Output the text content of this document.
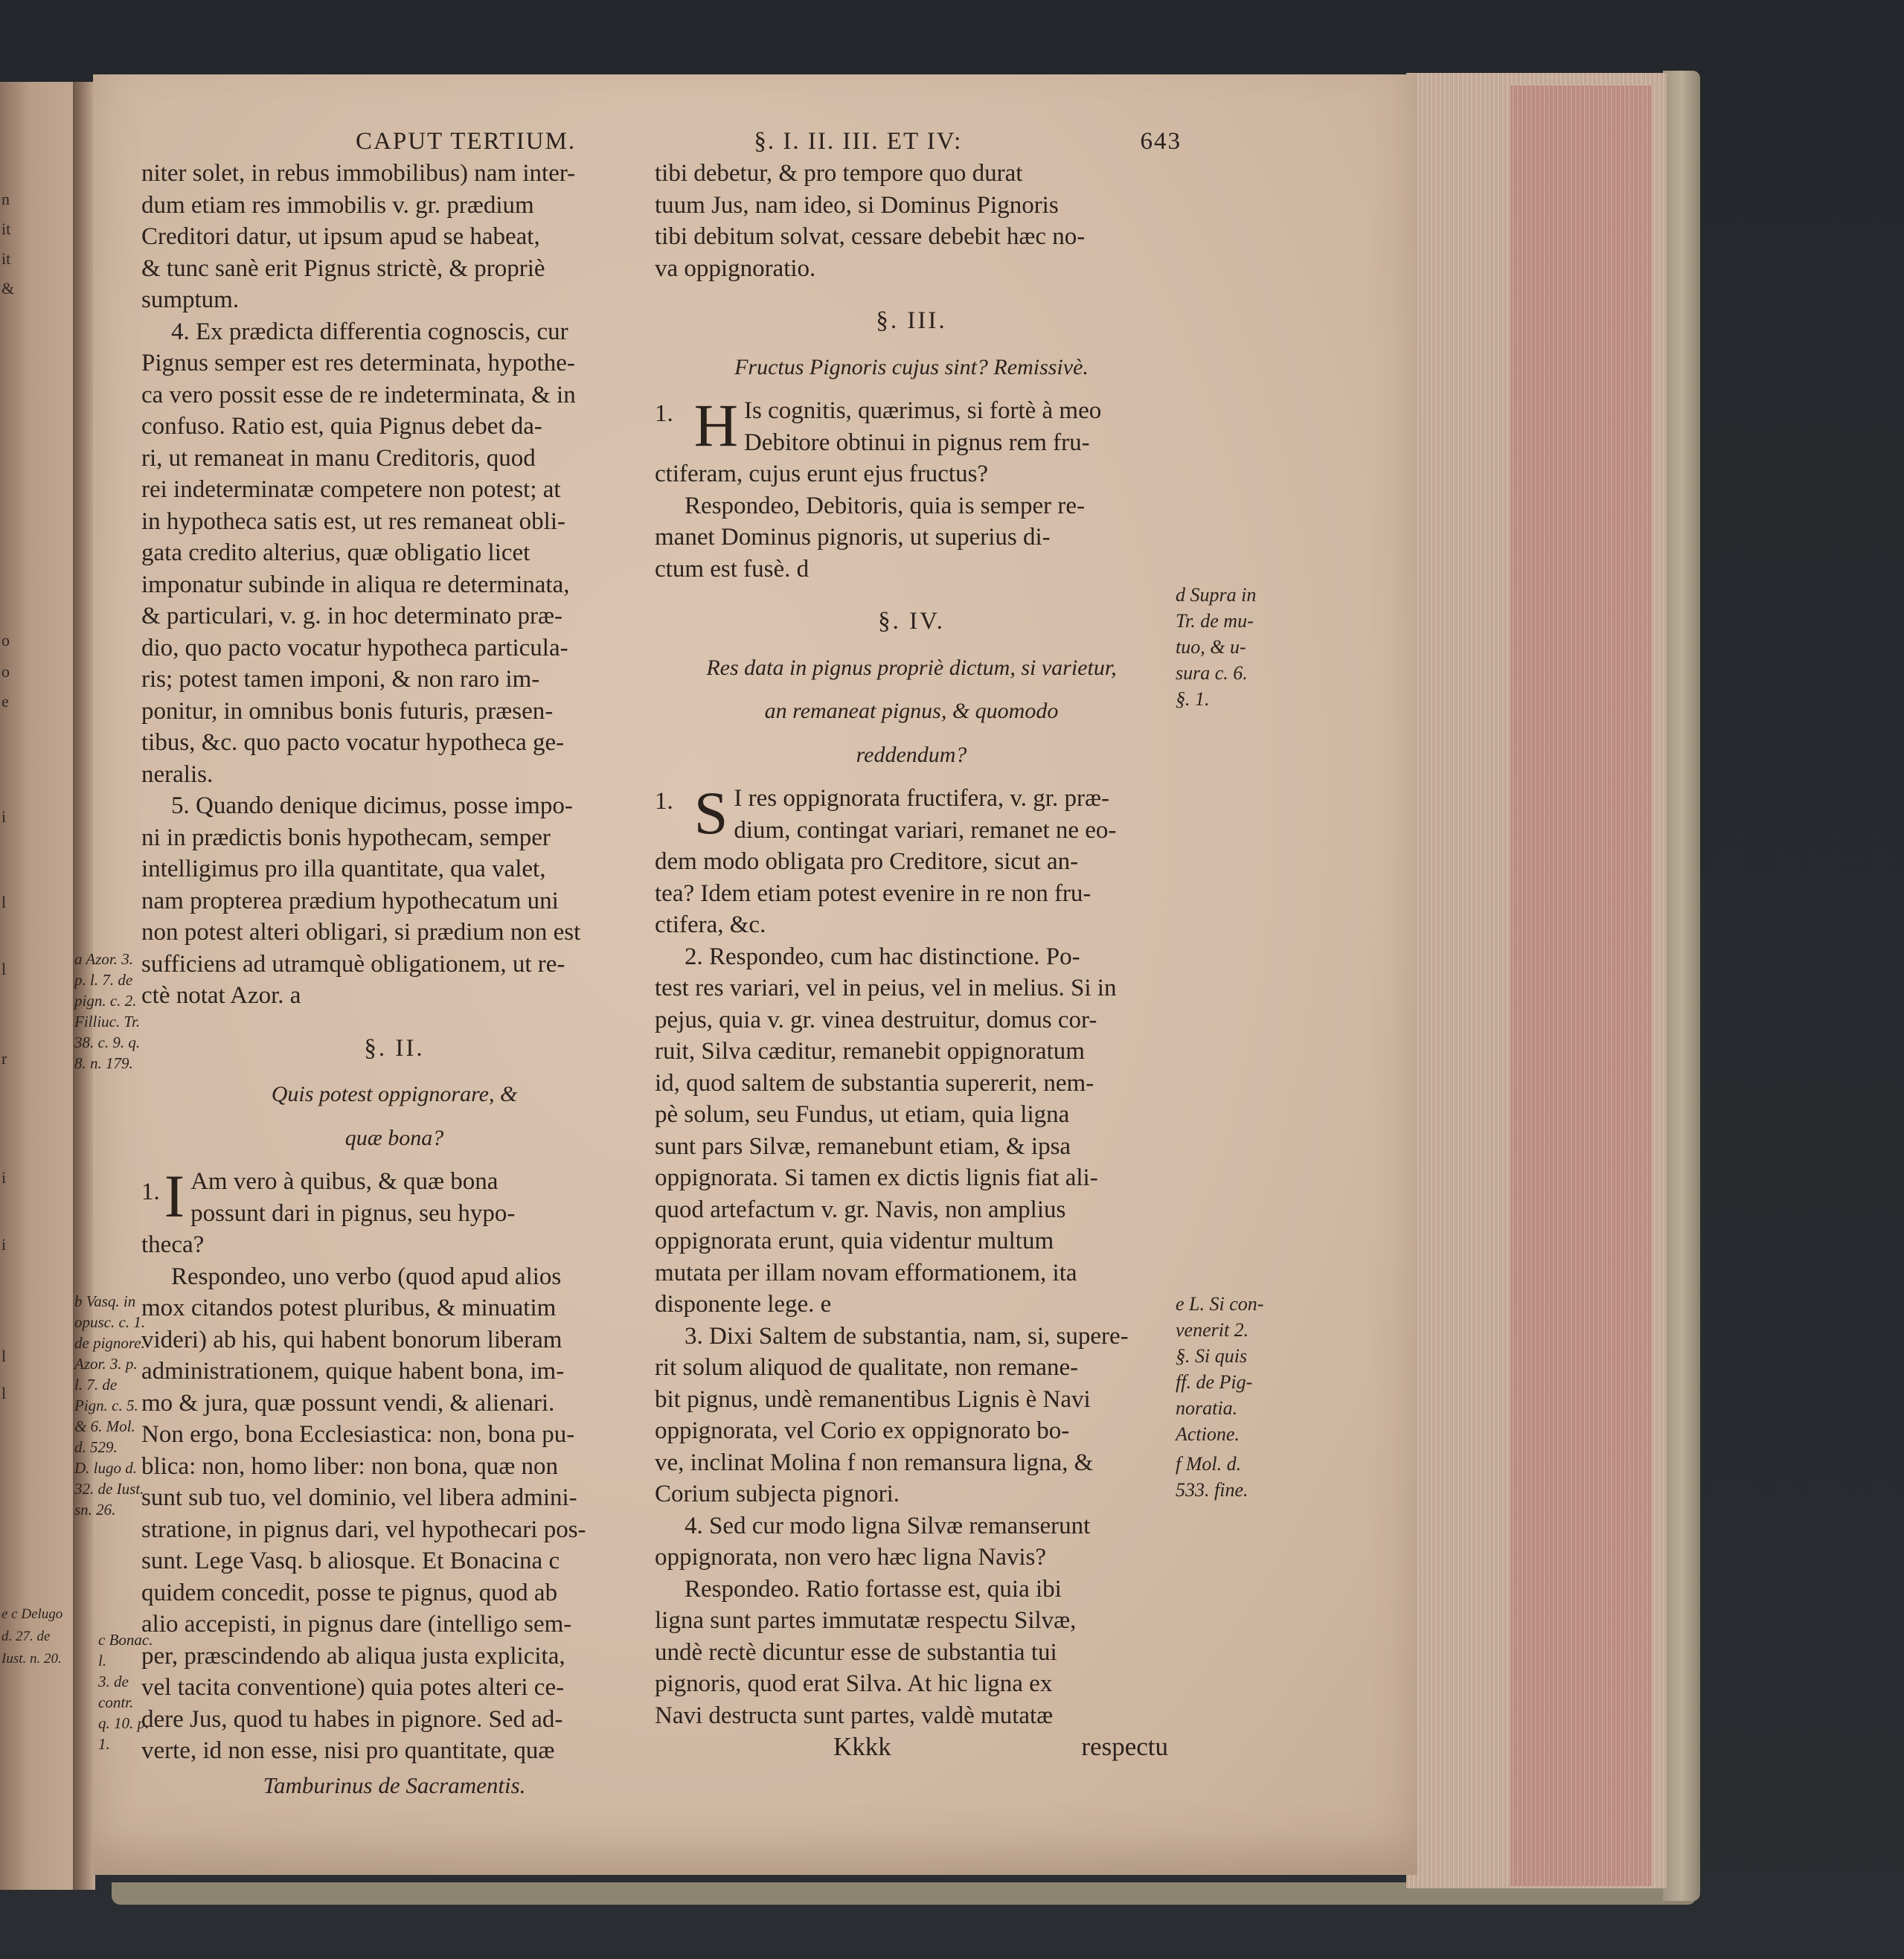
n
it
it
&
o
o
e
i
l
l
r
i
i
l
l
CAPUT TERTIUM.	§. I. II. III. ET IV:	643
niter solet, in rebus immobilibus) nam inter-
dum etiam res immobilis v. gr. prædium
Creditori datur, ut ipsum apud se habeat,
& tunc sanè erit Pignus strictè, & propriè
sumptum.
4. Ex prædicta differentia cognoscis, cur
Pignus semper est res determinata, hypothe-
ca vero possit esse de re indeterminata, & in
confuso. Ratio est, quia Pignus debet da-
ri, ut remaneat in manu Creditoris, quod
rei indeterminatæ competere non potest; at
in hypotheca satis est, ut res remaneat obli-
gata credito alterius, quæ obligatio licet
imponatur subinde in aliqua re determinata,
& particulari, v. g. in hoc determinato præ-
dio, quo pacto vocatur hypotheca particula-
ris; potest tamen imponi, & non raro im-
ponitur, in omnibus bonis futuris, præsen-
tibus, &c. quo pacto vocatur hypotheca ge-
neralis.
5. Quando denique dicimus, posse impo-
ni in prædictis bonis hypothecam, semper
intelligimus pro illa quantitate, qua valet,
nam propterea prædium hypothecatum uni
non potest alteri obligari, si prædium non est
sufficiens ad utramquè obligationem, ut re-
ctè notat Azor. a

§. II.

Quis potest oppignorare, &
quæ bona?
1. I Am vero à quibus, & quæ bona
possunt dari in pignus, seu hypo-
theca?
Respondeo, uno verbo (quod apud alios
mox citandos potest pluribus, & minuatim
videri) ab his, qui habent bonorum liberam
administrationem, quique habent bona, im-
mo & jura, quæ possunt vendi, & alienari.
Non ergo, bona Ecclesiastica: non, bona pu-
blica: non, homo liber: non bona, quæ non
sunt sub tuo, vel dominio, vel libera admini-
stratione, in pignus dari, vel hypothecari pos-
sunt. Lege Vasq. b aliosque. Et Bonacina c
quidem concedit, posse te pignus, quod ab
alio accepisti, in pignus dare (intelligo sem-
per, præscindendo ab aliqua justa explicita,
vel tacita conventione) quia potes alteri ce-
dere Jus, quod tu habes in pignore. Sed ad-
verte, id non esse, nisi pro quantitate, quæ
Tamburinus de Sacramentis.
tibi debetur, & pro tempore quo durat
tuum Jus, nam ideo, si Dominus Pignoris
tibi debitum solvat, cessare debebit hæc no-
va oppignoratio.

§. III.

Fructus Pignoris cujus sint? Remissivè.
1. H Is cognitis, quærimus, si fortè à meo
Debitore obtinui in pignus rem fru-
ctiferam, cujus erunt ejus fructus?
Respondeo, Debitoris, quia is semper re-
manet Dominus pignoris, ut superius di-
ctum est fusè. d

§. IV.

Res data in pignus propriè dictum, si varietur,
an remaneat pignus, & quomodo
reddendum?
1. S I res oppignorata fructifera, v. gr. præ-
dium, contingat variari, remanet ne eo-
dem modo obligata pro Creditore, sicut an-
tea? Idem etiam potest evenire in re non fru-
ctifera, &c.
2. Respondeo, cum hac distinctione. Po-
test res variari, vel in peius, vel in melius. Si in
pejus, quia v. gr. vinea destruitur, domus cor-
ruit, Silva cæditur, remanebit oppignoratum
id, quod saltem de substantia supererit, nem-
pè solum, seu Fundus, ut etiam, quia ligna
sunt pars Silvæ, remanebunt etiam, & ipsa
oppignorata. Si tamen ex dictis lignis fiat ali-
quod artefactum v. gr. Navis, non amplius
oppignorata erunt, quia videntur multum
mutata per illam novam efformationem, ita
disponente lege. e
3. Dixi Saltem de substantia, nam, si, supere-
rit solum aliquod de qualitate, non remane-
bit pignus, undè remanentibus Lignis è Navi
oppignorata, vel Corio ex oppignorato bo-
ve, inclinat Molina f non remansura ligna, &
Corium subjecta pignori.
4. Sed cur modo ligna Silvæ remanserunt
oppignorata, non vero hæc ligna Navis?
Respondeo. Ratio fortasse est, quia ibi
ligna sunt partes immutatæ respectu Silvæ,
undè rectè dicuntur esse de substantia tui
pignoris, quod erat Silva. At hic ligna ex
Navi destructa sunt partes, valdè mutatæ
Kkkk	respectu
a Azor. 3.
p. l. 7. de
pign. c. 2.
Filliuc. Tr.
38. c. 9. q.
8. n. 179.
b Vasq. in
opusc. c. 1.
de pignore.
Azor. 3. p.
l. 7. de
Pign. c. 5.
& 6. Mol.
d. 529.
D. lugo d.
32. de Iust.
sn. 26.
c Bonac. l.
3. de contr.
q. 10. p. 1.
e c Delugo
d. 27. de
Iust. n. 20.
d Supra in
Tr. de mu-
tuo, & u-
sura c. 6.
§. 1.
e L. Si con-
venerit 2.
§. Si quis
ff. de Pig-
noratia.
Actione.
f Mol. d.
533. fine.
